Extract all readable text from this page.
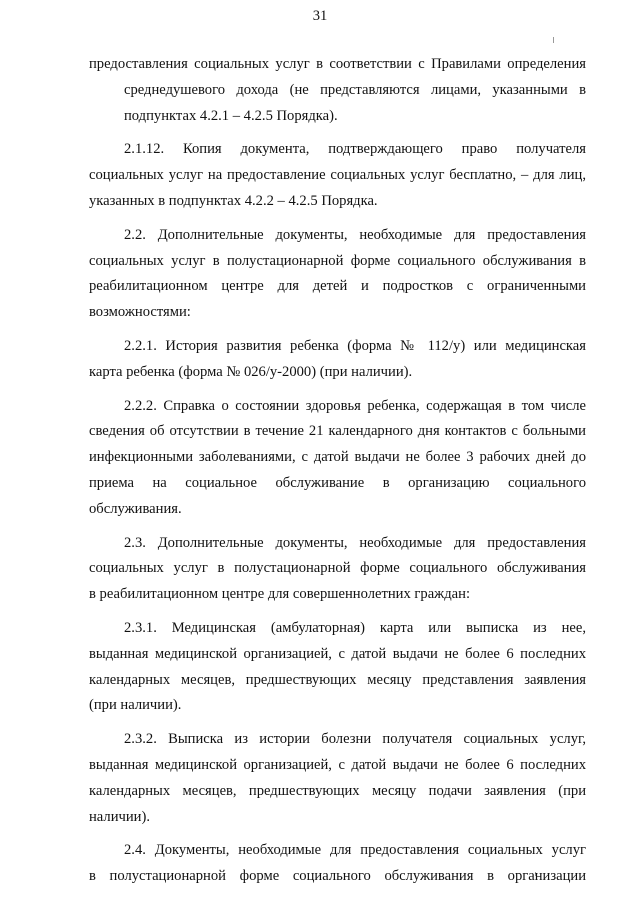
31

предоставления социальных услуг в соответствии с Правилами определения
среднедушевого дохода (не представляются лицами, указанными в
подпунктах 4.2.1 – 4.2.5 Порядка).

2.1.12. Копия документа, подтверждающего право получателя
социальных услуг на предоставление социальных услуг бесплатно, – для лиц,
указанных в подпунктах 4.2.2 – 4.2.5 Порядка.

2.2. Дополнительные документы, необходимые для предоставления
социальных услуг в полустационарной форме социального обслуживания в
реабилитационном центре для детей и подростков с ограниченными
возможностями:

2.2.1. История развития ребенка (форма № 112/у) или медицинская
карта ребенка (форма № 026/у-2000) (при наличии).

2.2.2. Справка о состоянии здоровья ребенка, содержащая в том числе
сведения об отсутствии в течение 21 календарного дня контактов с больными
инфекционными заболеваниями, с датой выдачи не более 3 рабочих дней до
приема на социальное обслуживание в организацию социального
обслуживания.

2.3. Дополнительные документы, необходимые для предоставления
социальных услуг в полустационарной форме социального обслуживания
в реабилитационном центре для совершеннолетних граждан:

2.3.1. Медицинская (амбулаторная) карта или выписка из нее,
выданная медицинской организацией, с датой выдачи не более 6 последних
календарных месяцев, предшествующих месяцу представления заявления
(при наличии).

2.3.2. Выписка из истории болезни получателя социальных услуг,
выданная медицинской организацией, с датой выдачи не более 6 последних
календарных месяцев, предшествующих месяцу подачи заявления (при
наличии).

2.4. Документы, необходимые для предоставления социальных услуг
в полустационарной форме социального обслуживания в организации
